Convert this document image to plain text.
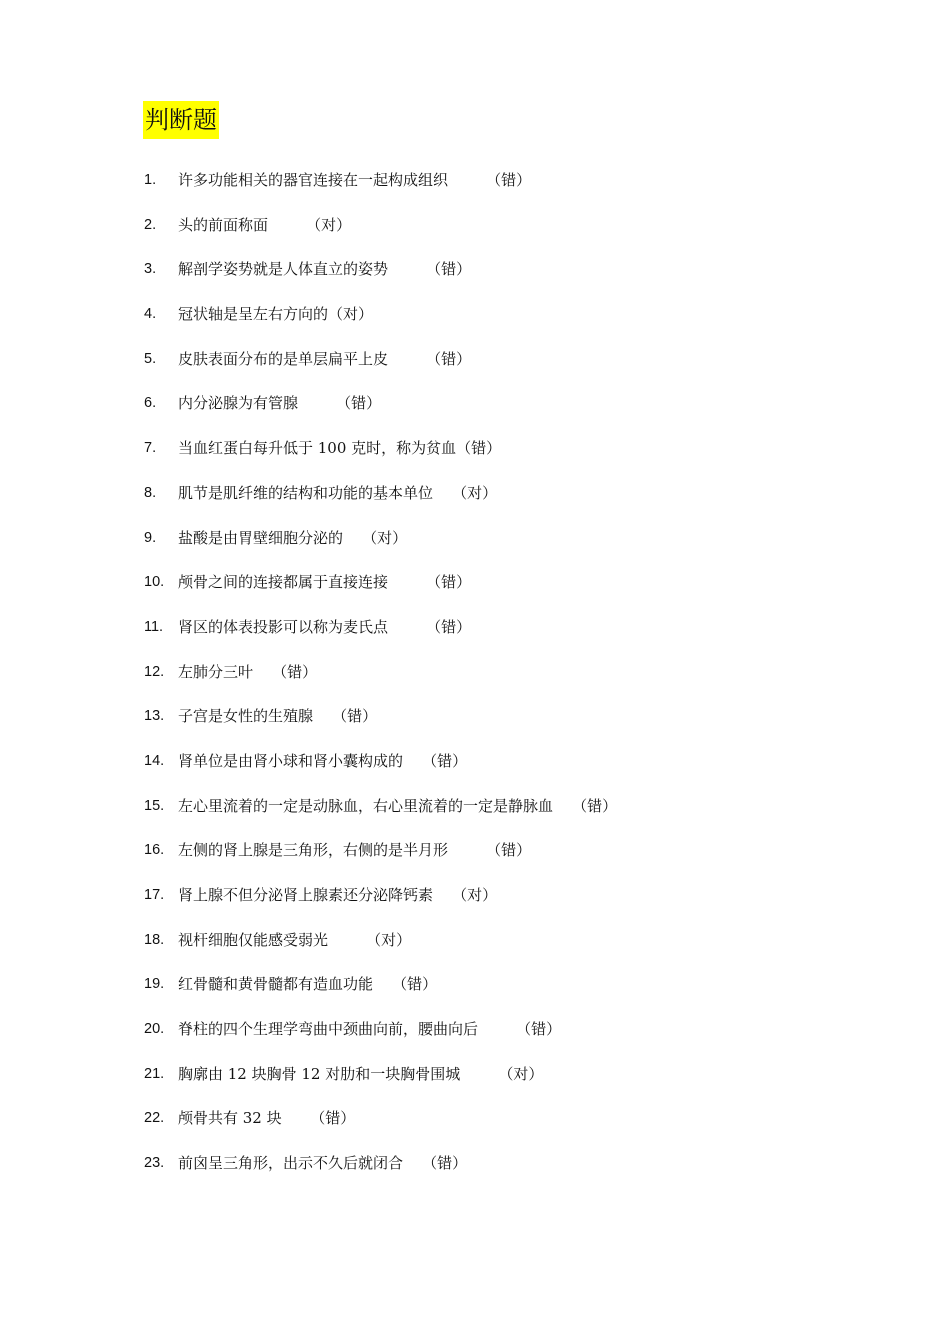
判断题
1. 许多功能相关的器官连接在一起构成组织        （错）
2. 头的前面称面        （对）
3. 解剖学姿势就是人体直立的姿势        （错）
4. 冠状轴是呈左右方向的（对）
5. 皮肤表面分布的是单层扁平上皮        （错）
6. 内分泌腺为有管腺        （错）
7. 当血红蛋白每升低于 100 克时，称为贫血（错）
8. 肌节是肌纤维的结构和功能的基本单位    （对）
9. 盐酸是由胃壁细胞分泌的    （对）
10. 颅骨之间的连接都属于直接连接        （错）
11. 肾区的体表投影可以称为麦氏点        （错）
12. 左肺分三叶    （错）
13. 子宫是女性的生殖腺    （错）
14. 肾单位是由肾小球和肾小囊构成的    （错）
15. 左心里流着的一定是动脉血，右心里流着的一定是静脉血    （错）
16. 左侧的肾上腺是三角形，右侧的是半月形        （错）
17. 肾上腺不但分泌肾上腺素还分泌降钙素    （对）
18. 视杆细胞仅能感受弱光        （对）
19. 红骨髓和黄骨髓都有造血功能    （错）
20. 脊柱的四个生理学弯曲中颈曲向前，腰曲向后        （错）
21. 胸廓由 12 块胸骨 12 对肋和一块胸骨围城        （对）
22. 颅骨共有 32 块      （错）
23. 前囟呈三角形，出示不久后就闭合    （错）
